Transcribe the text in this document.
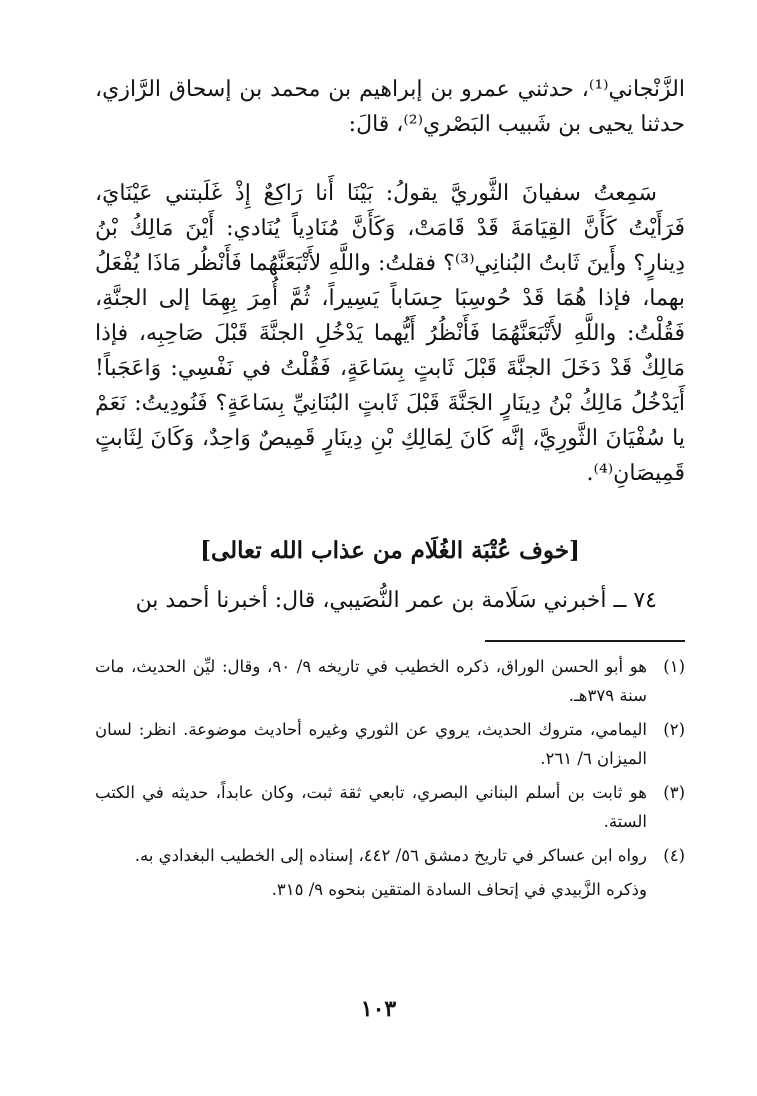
الزَّنْجاني⁽¹⁾، حدثني عمرو بن إبراهيم بن محمد بن إسحاق الرَّازي، حدثنا يحيى بن شَبيب البَصْري⁽²⁾، قالَ:

سَمِعتُ سفيانَ الثَّوريَّ يقولُ: بَيْنَا أَنا رَاكِعٌ إِذْ غَلَبتني عَيْنَايَ، فَرَأَيْتُ كَأَنَّ القِيَامَةَ قَدْ قَامَتْ، وَكَأَنَّ مُنَادِياً يُنَادي: أَيْنَ مَالِكُ بْنُ دِينارٍ؟ وأَينَ ثَابتُ البُنانِي⁽³⁾؟ فقلتُ: واللَّهِ لأَتْبَعَنَّهُما فَأَنْظُر مَاذَا يُفْعَلُ بهما، فإذا هُمَا قَدْ حُوسِبَا حِسَاباً يَسِيراً، ثُمَّ أُمِرَ بِهِمَا إلى الجنَّةِ، فَقُلْتُ: واللَّهِ لأَتْبَعَنَّهُمَا فَأَنْظُرُ أَيُّهما يَدْخُلِ الجنَّةَ قَبْلَ صَاحِبِه، فإذا مَالِكٌ قَدْ دَخَلَ الجنَّةَ قَبْلَ ثَابتٍ بِسَاعَةٍ، فَقُلْتُ في نَفْسِي: وَاعَجَباً! أَيَدْخُلُ مَالِكُ بْنُ دِينَارٍ الجَنَّةَ قَبْلَ ثَابتٍ البُنَانِيِّ بِسَاعَةٍ؟ فَنُودِيتُ: نَعَمْ يا سُفْيَانَ الثَّورِيَّ، إنَّه كَانَ لِمَالِكِ بْنِ دِينَارٍ قَمِيصٌ وَاحِدٌ، وَكَانَ لِثَابتٍ قَمِيصَانِ⁽⁴⁾.

[خوف عُتْبَة الغُلَام من عذاب الله تعالى]

٧٤ ــ أخبرني سَلَامة بن عمر النُّصَيبي، قال: أخبرنا أحمد بن

(١)
هو أبو الحسن الوراق، ذكره الخطيب في تاريخه ٩/ ٩٠، وقال: ليِّن الحديث، مات سنة ٣٧٩هـ.
(٢)
اليمامي، متروك الحديث، يروي عن الثوري وغيره أحاديث موضوعة. انظر: لسان الميزان ٦/ ٢٦١.
(٣)
هو ثابت بن أسلم البناني البصري، تابعي ثقة ثبت، وكان عابداً، حديثه في الكتب الستة.
(٤)
رواه ابن عساكر في تاريخ دمشق ٥٦/ ٤٤٢، إسناده إلى الخطيب البغدادي به.
وذكره الزَّبيدي في إتحاف السادة المتقين بنحوه ٩/ ٣١٥.
١٠٣
